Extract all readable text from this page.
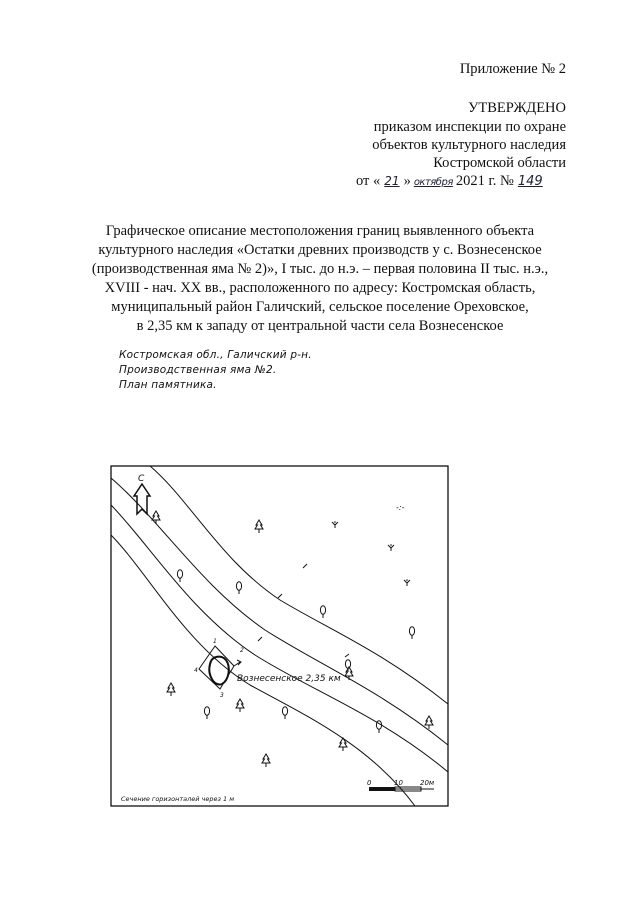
Приложение № 2
УТВЕРЖДЕНО
приказом инспекции по охране
объектов культурного наследия
Костромской области
от « 21 » октября 2021 г. № 149
Графическое описание местоположения границ выявленного объекта
культурного наследия «Остатки древних производств у с. Вознесенское
(производственная яма № 2)», I тыс. до н.э. – первая половина II тыс. н.э.,
XVIII - нач. XX вв., расположенного по адресу: Костромская область,
муниципальный район Галичский, сельское поселение Ореховское,
в 2,35 км к западу от центральной части села Вознесенское
Костромская обл., Галичский р-н.
Производственная яма №2.
План памятника.
С
-:-
1
2
3
4
Вознесенское 2,35 км
0	10 20м
Сечение горизонталей через 1 м
